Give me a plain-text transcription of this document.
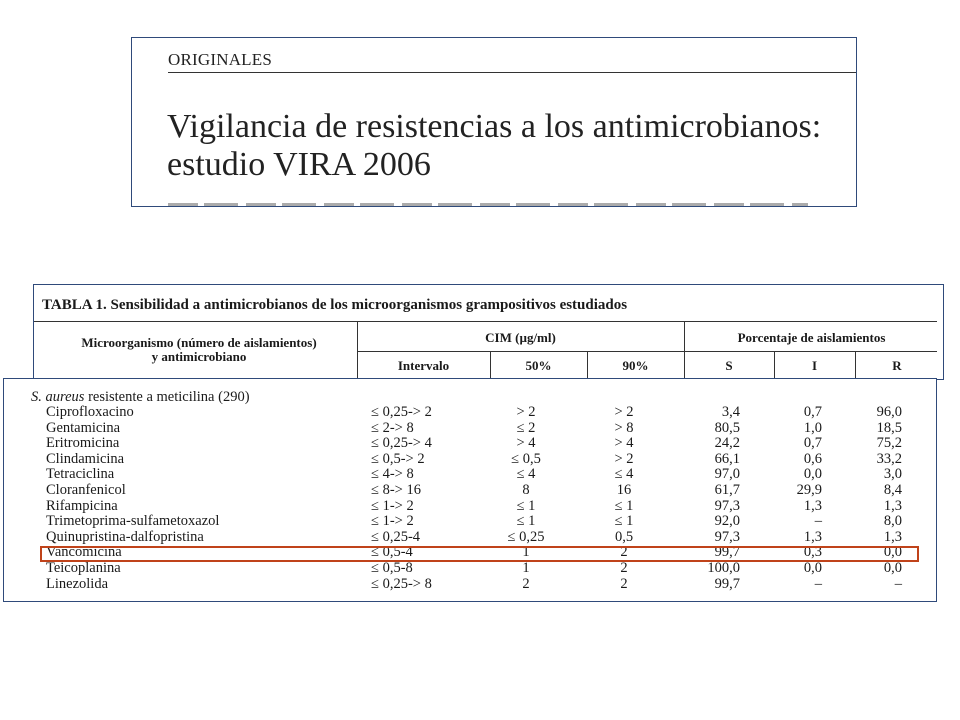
ORIGINALES
Vigilancia de resistencias a los antimicrobianos:
estudio VIRA 2006
TABLA 1. Sensibilidad a antimicrobianos de los microorganismos grampositivos estudiados
Microorganismo (número de aislamientos)
y antimicrobiano
CIM (µg/ml)	Porcentaje de aislamientos
Intervalo	50%	90%	S	I	R
S. aureus resistente a meticilina (290)
Ciprofloxacino	≤ 0,25-> 2	> 2	> 2	3,4	0,7	96,0
Gentamicina	≤ 2-> 8	≤ 2	> 8	80,5	1,0	18,5
Eritromicina	≤ 0,25-> 4	> 4	> 4	24,2	0,7	75,2
Clindamicina	≤ 0,5-> 2	≤ 0,5	> 2	66,1	0,6	33,2
Tetraciclina	≤ 4-> 8	≤ 4	≤ 4	97,0	0,0	3,0
Cloranfenicol	≤ 8-> 16	8	16	61,7	29,9	8,4
Rifampicina	≤ 1-> 2	≤ 1	≤ 1	97,3	1,3	1,3
Trimetoprima-sulfametoxazol	≤ 1-> 2	≤ 1	≤ 1	92,0	–	8,0
Quinupristina-dalfopristina	≤ 0,25-4	≤ 0,25	0,5	97,3	1,3	1,3
Vancomicina	≤ 0,5-4	1	2	99,7	0,3	0,0
Teicoplanina	≤ 0,5-8	1	2	100,0	0,0	0,0
Linezolida	≤ 0,25-> 8	2	2	99,7	–	–
